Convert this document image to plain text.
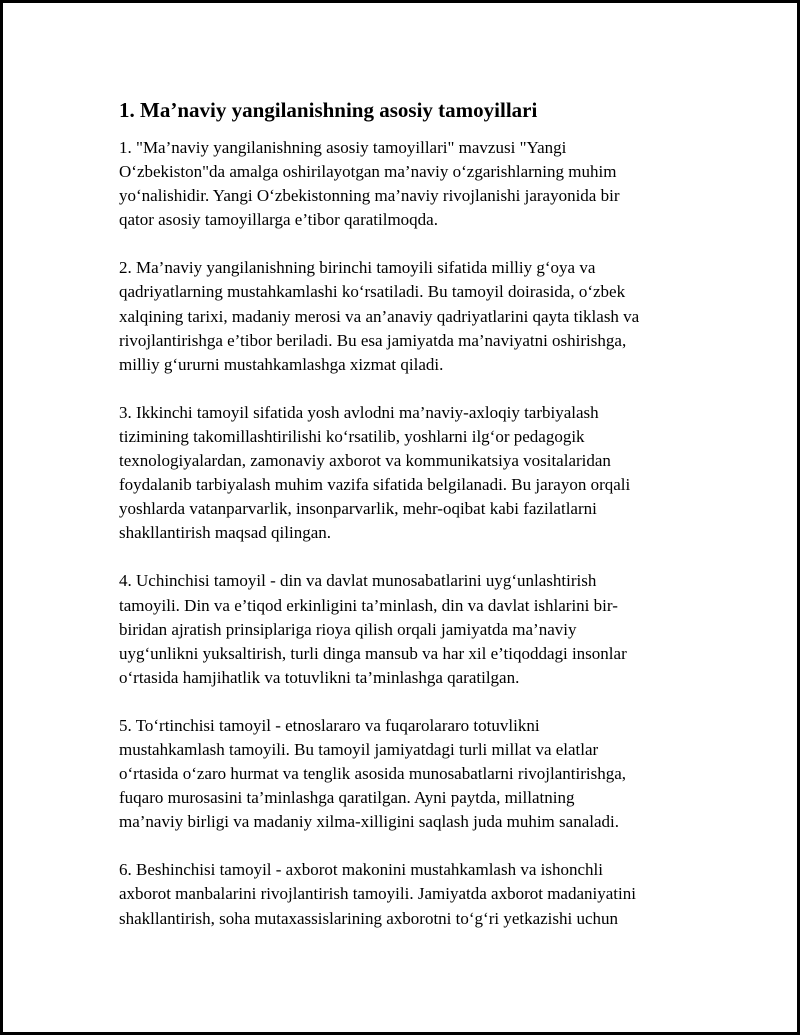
1. Ma’naviy yangilanishning asosiy tamoyillari
1. "Ma’naviy yangilanishning asosiy tamoyillari" mavzusi "Yangi
O‘zbekiston"da amalga oshirilayotgan ma’naviy o‘zgarishlarning muhim
yo‘nalishidir. Yangi O‘zbekistonning ma’naviy rivojlanishi jarayonida bir
qator asosiy tamoyillarga e’tibor qaratilmoqda.
2. Ma’naviy yangilanishning birinchi tamoyili sifatida milliy g‘oya va
qadriyatlarning mustahkamlashi ko‘rsatiladi. Bu tamoyil doirasida, o‘zbek
xalqining tarixi, madaniy merosi va an’anaviy qadriyatlarini qayta tiklash va
rivojlantirishga e’tibor beriladi. Bu esa jamiyatda ma’naviyatni oshirishga,
milliy g‘ururni mustahkamlashga xizmat qiladi.
3. Ikkinchi tamoyil sifatida yosh avlodni ma’naviy-axloqiy tarbiyalash
tizimining takomillashtirilishi ko‘rsatilib, yoshlarni ilg‘or pedagogik
texnologiyalardan, zamonaviy axborot va kommunikatsiya vositalaridan
foydalanib tarbiyalash muhim vazifa sifatida belgilanadi. Bu jarayon orqali
yoshlarda vatanparvarlik, insonparvarlik, mehr-oqibat kabi fazilatlarni
shakllantirish maqsad qilingan.
4. Uchinchisi tamoyil - din va davlat munosabatlarini uyg‘unlashtirish
tamoyili. Din va e’tiqod erkinligini ta’minlash, din va davlat ishlarini bir-
biridan ajratish prinsiplariga rioya qilish orqali jamiyatda ma’naviy
uyg‘unlikni yuksaltirish, turli dinga mansub va har xil e’tiqoddagi insonlar
o‘rtasida hamjihatlik va totuvlikni ta’minlashga qaratilgan.
5. To‘rtinchisi tamoyil - etnoslararo va fuqarolararo totuvlikni
mustahkamlash tamoyili. Bu tamoyil jamiyatdagi turli millat va elatlar
o‘rtasida o‘zaro hurmat va tenglik asosida munosabatlarni rivojlantirishga,
fuqaro murosasini ta’minlashga qaratilgan. Ayni paytda, millatning
ma’naviy birligi va madaniy xilma-xilligini saqlash juda muhim sanaladi.
6. Beshinchisi tamoyil - axborot makonini mustahkamlash va ishonchli
axborot manbalarini rivojlantirish tamoyili. Jamiyatda axborot madaniyatini
shakllantirish, soha mutaxassislarining axborotni to‘g‘ri yetkazishi uchun
